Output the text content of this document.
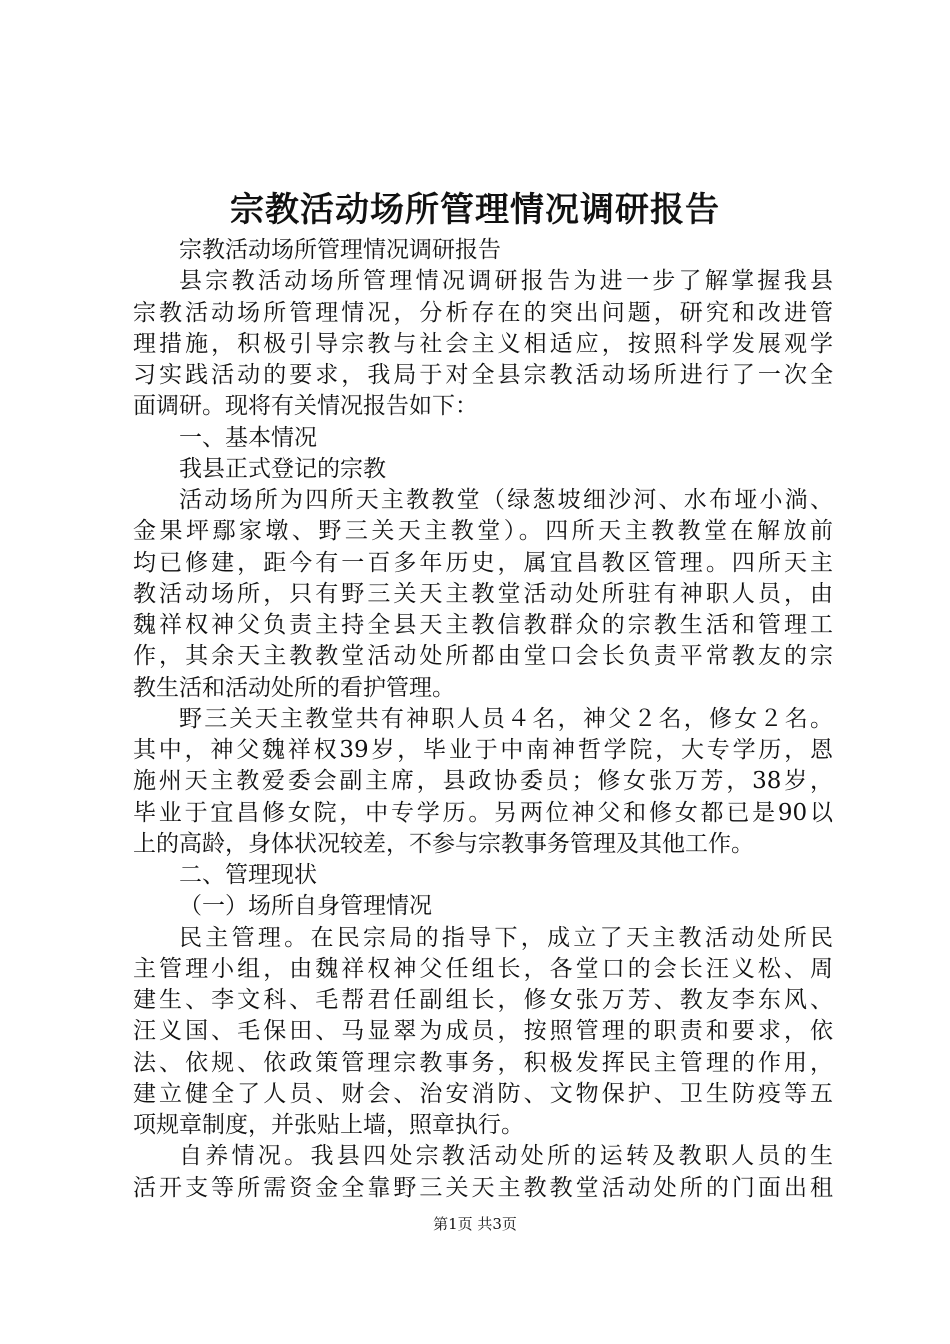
宗教活动场所管理情况调研报告
宗教活动场所管理情况调研报告
县宗教活动场所管理情况调研报告为进一步了解掌握我县
宗教活动场所管理情况，分析存在的突出问题，研究和改进管
理措施，积极引导宗教与社会主义相适应，按照科学发展观学
习实践活动的要求，我局于对全县宗教活动场所进行了一次全
面调研。现将有关情况报告如下：
一、基本情况
我县正式登记的宗教
活动场所为四所天主教教堂（绿葱坡细沙河、水布垭小淌、
金果坪鄢家墩、野三关天主教堂）。四所天主教教堂在解放前
均已修建，距今有一百多年历史，属宜昌教区管理。四所天主
教活动场所，只有野三关天主教堂活动处所驻有神职人员，由
魏祥权神父负责主持全县天主教信教群众的宗教生活和管理工
作，其余天主教教堂活动处所都由堂口会长负责平常教友的宗
教生活和活动处所的看护管理。
野三关天主教堂共有神职人员４名，神父２名，修女２名。
其中，神父魏祥权39岁，毕业于中南神哲学院，大专学历，恩
施州天主教爱委会副主席，县政协委员；修女张万芳，38岁，
毕业于宜昌修女院，中专学历。另两位神父和修女都已是90以
上的高龄，身体状况较差，不参与宗教事务管理及其他工作。
二、管理现状
（一）场所自身管理情况
民主管理。在民宗局的指导下，成立了天主教活动处所民
主管理小组，由魏祥权神父任组长，各堂口的会长汪义松、周
建生、李文科、毛帮君任副组长，修女张万芳、教友李东风、
汪义国、毛保田、马显翠为成员，按照管理的职责和要求，依
法、依规、依政策管理宗教事务，积极发挥民主管理的作用，
建立健全了人员、财会、治安消防、文物保护、卫生防疫等五
项规章制度，并张贴上墙，照章执行。
自养情况。我县四处宗教活动处所的运转及教职人员的生
活开支等所需资金全靠野三关天主教教堂活动处所的门面出租
第1页 共3页
